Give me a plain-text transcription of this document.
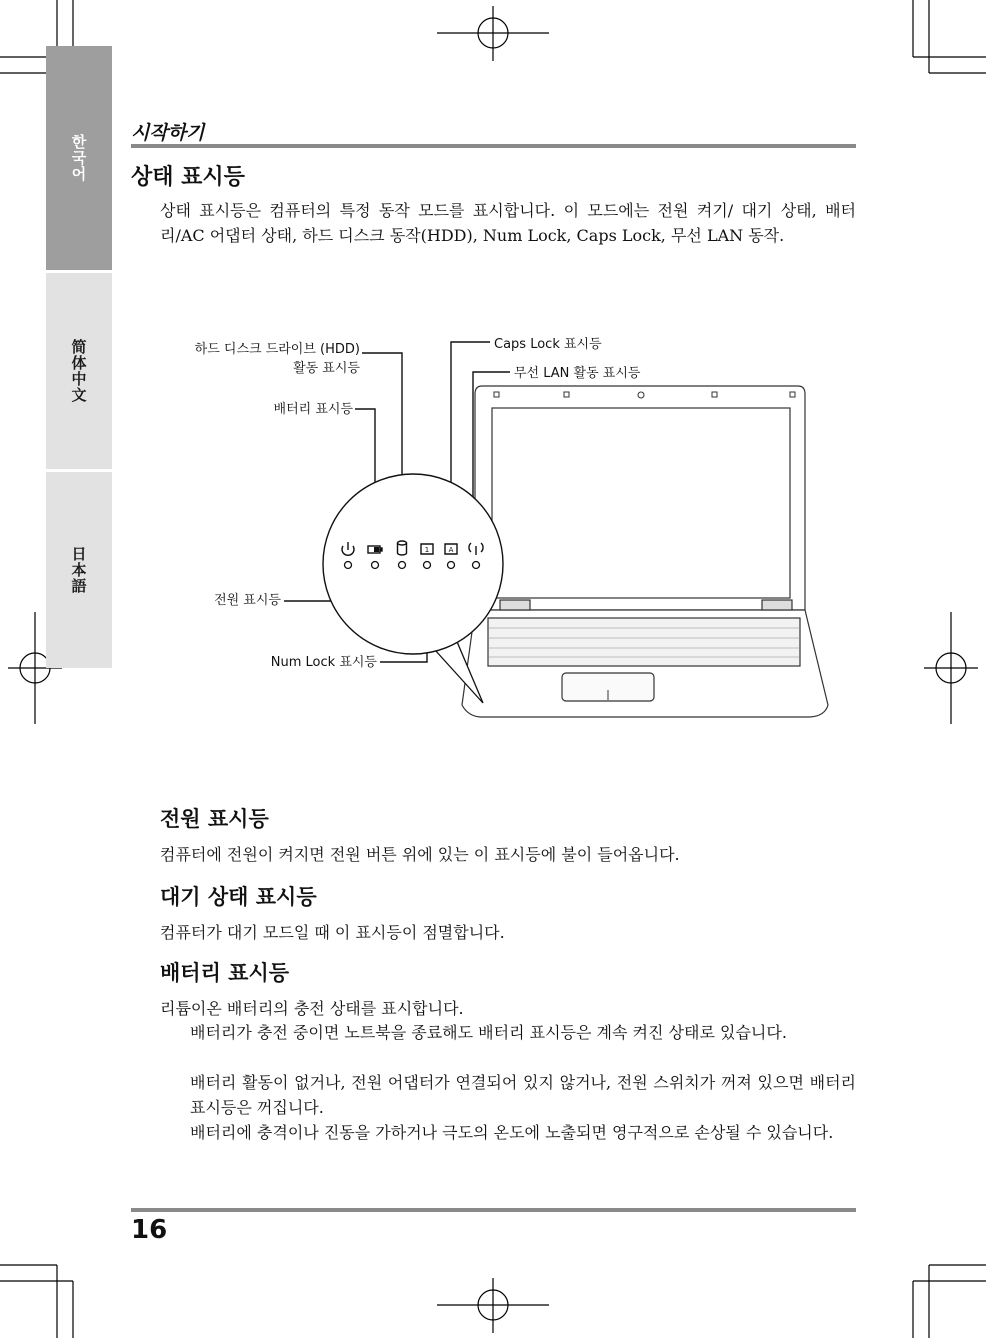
한국어
简体中文
日本語
시작하기
상태 표시등
상태 표시등은 컴퓨터의 특정 동작 모드를 표시합니다. 이 모드에는 전원 켜기/ 대기 상태, 배터리/AC 어댑터 상태, 하드 디스크 동작(HDD), Num Lock, Caps Lock, 무선 LAN 동작.
하드 디스크 드라이브 (HDD)
활동 표시등
배터리 표시등
전원 표시등
Num Lock 표시등
Caps Lock 표시등
무선 LAN 활동 표시등
1	A
전원 표시등
컴퓨터에 전원이 켜지면 전원 버튼 위에 있는 이 표시등에 불이 들어옵니다.
대기 상태 표시등
컴퓨터가 대기 모드일 때 이 표시등이 점멸합니다.
배터리 표시등
리튬이온 배터리의 충전 상태를 표시합니다.
배터리가 충전 중이면 노트북을 종료해도 배터리 표시등은 계속 켜진 상태로 있습니다.
배터리 활동이 없거나, 전원 어댑터가 연결되어 있지 않거나, 전원 스위치가 꺼져 있으면 배터리 표시등은 꺼집니다.
배터리에 충격이나 진동을 가하거나 극도의 온도에 노출되면 영구적으로 손상될 수 있습니다.
16
